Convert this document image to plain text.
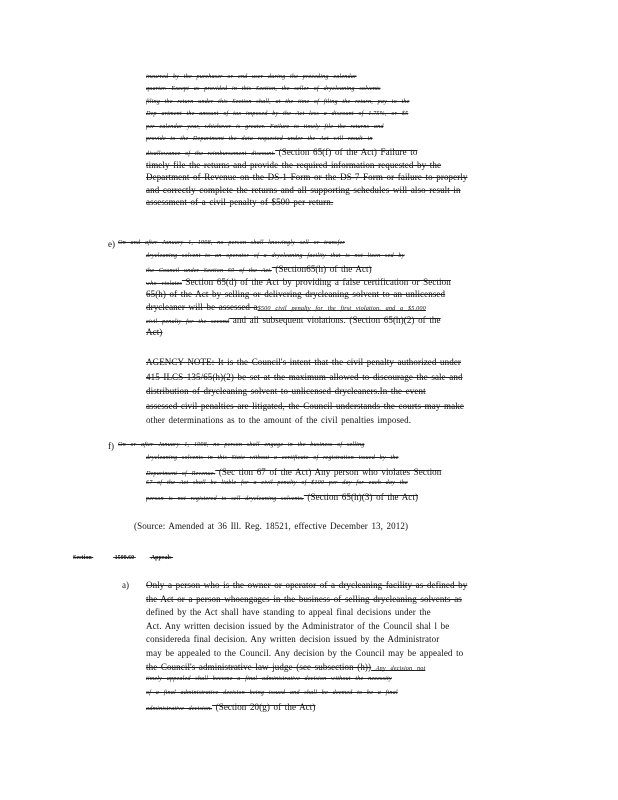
incurred by the purchaser or end user during the preceding calendar
quarter. Except as provided in this Section, the seller of drycleaning solvents
filing the return under this Section shall, at the time of filing the return, pay to the
Dep artment the amount of tax imposed by the Act less a discount of 1.75%, or $5
per calendar year, whichever is greater. Failure to timely file the returns and
provide to the Department the data requested under the Act will result in
disallowance of the reimbursement discount. (Section 65(f) of the Act) Failure to
timely file the returns and provide the required information requested by the
Department of Revenue on the DS-1 Form or the DS-7 Form or failure to properly
and correctly complete the returns and all supporting schedules will also result in
assessment of a civil penalty of $500 per return.
e) On and after January 1, 1998, no person shall knowingly sell or transfer
drycleaning solvent to an operator of a drycleaning facility that is not licen sed by
the Council under Section 60 of the Act. (Section65(h) of the Act)
who violates Section 65(d) of the Act by providing a false certification or Section
65(h) of the Act by selling or delivering drycleaning solvent to an unlicensed
drycleaner will be assessed a$500 civil penalty for the first violation, and a $5,000
civil penalty for the second and all subsequent violations. (Section 65(h)(2) of the
Act)
AGENCY NOTE: It is the Council's intent that the civil penalty authorized under
415 ILCS 135/65(h)(2) be set at the maximum allowed to discourage the sale and
distribution of drycleaning solvent to unlicensed drycleaners.In the event
assessed civil penalties are litigated, the Council understands the courts may make
other determinations as to the amount of the civil penalties imposed.
f) On or after January 1, 1998, no person shall engage in the business of selling
drycleaning solvents in this State without a certificate of registration issued by the
Department of Revenue. (Sec tion 67 of the Act) Any person who violates Section
67 of the Act shall be liable for a civil penalty of $100 per day for each day the
person is not registered to sell drycleaning solvents. (Section 65(h)(3) of the Act)
(Source: Amended at 36 Ill. Reg. 18521, effective December 13, 2012)
Section	1500.60	Appeals
a) Only a person who is the owner or operator of a drycleaning facility as defined by
the Act or a person whoengages in the business of selling drycleaning solvents as
defined by the Act shall have standing to appeal final decisions under the
Act. Any written decision issued by the Administrator of the Council shal l be
considereda final decision. Any written decision issued by the Administrator
may be appealed to the Council. Any decision by the Council may be appealed to
the Council's administrative law judge (see subsection (h)) Any decision not
timely appealed shall become a final administrative decision without the necessity
of a final administrative decision being issued and shall be deemed to be a final
administrative decision. (Section 20(g) of the Act)
